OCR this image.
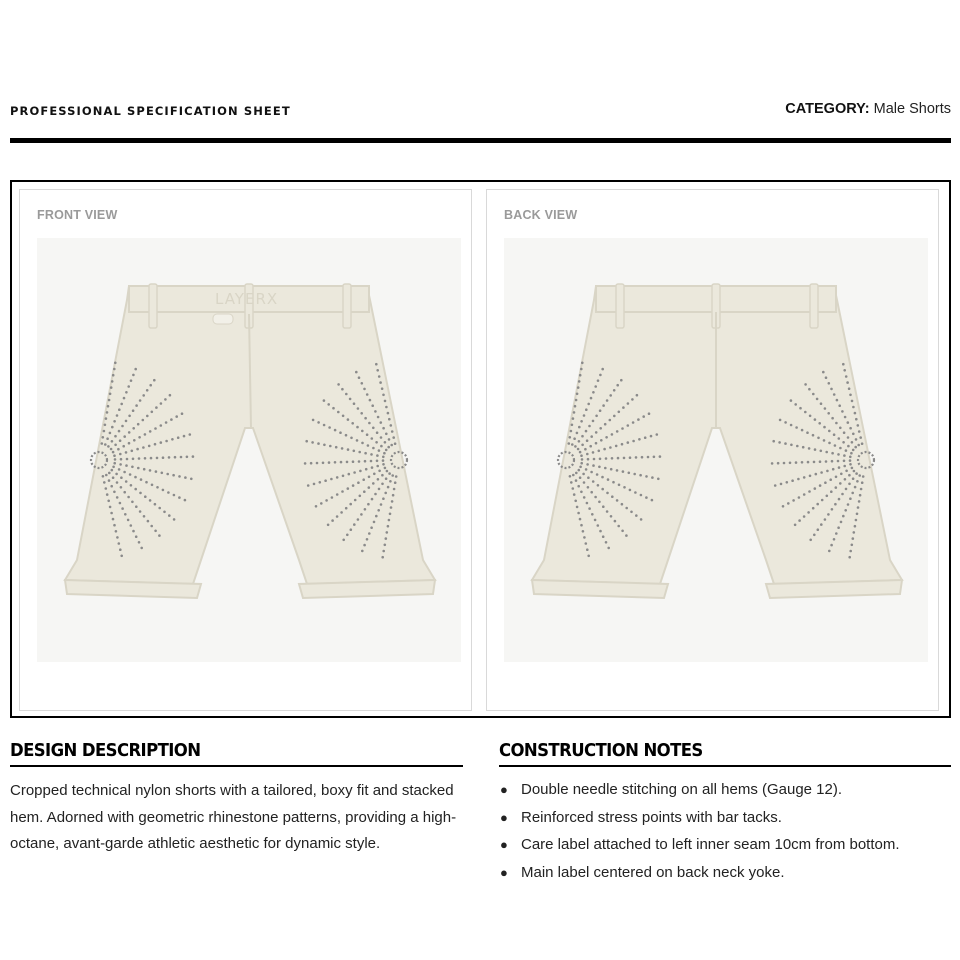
PROFESSIONAL SPECIFICATION SHEET	CATEGORY: Male Shorts
FRONT VIEW
LAYERX
BACK VIEW
DESIGN DESCRIPTION

Cropped technical nylon shorts with a tailored, boxy fit and stacked hem. Adorned with geometric rhinestone patterns, providing a high-octane, avant-garde athletic aesthetic for dynamic style.

CONSTRUCTION NOTES
● Double needle stitching on all hems (Gauge 12).
● Reinforced stress points with bar tacks.
● Care label attached to left inner seam 10cm from bottom.
● Main label centered on back neck yoke.
